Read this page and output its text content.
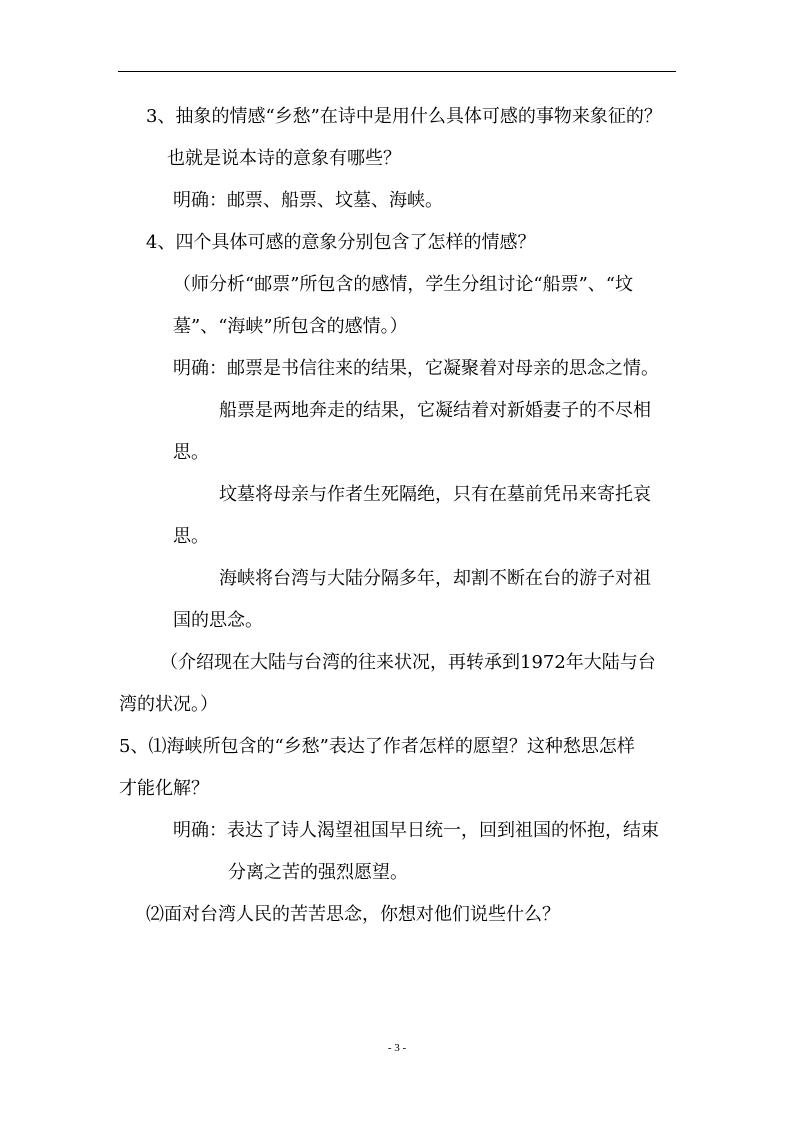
3、抽象的情感“乡愁”在诗中是用什么具体可感的事物来象征的？
也就是说本诗的意象有哪些？
明确：邮票、船票、坟墓、海峡。
4、四个具体可感的意象分别包含了怎样的情感？
（师分析“邮票”所包含的感情，学生分组讨论“船票”、“坟
墓”、“海峡”所包含的感情。）
明确：邮票是书信往来的结果，它凝聚着对母亲的思念之情。
船票是两地奔走的结果，它凝结着对新婚妻子的不尽相
思。
坟墓将母亲与作者生死隔绝，只有在墓前凭吊来寄托哀
思。
海峡将台湾与大陆分隔多年，却割不断在台的游子对祖
国的思念。
（介绍现在大陆与台湾的往来状况，再转承到1972年大陆与台
湾的状况。）
5、⑴海峡所包含的“乡愁”表达了作者怎样的愿望？这种愁思怎样
才能化解？
明确：表达了诗人渴望祖国早日统一，回到祖国的怀抱，结束
分离之苦的强烈愿望。
⑵面对台湾人民的苦苦思念，你想对他们说些什么？
- 3 -
